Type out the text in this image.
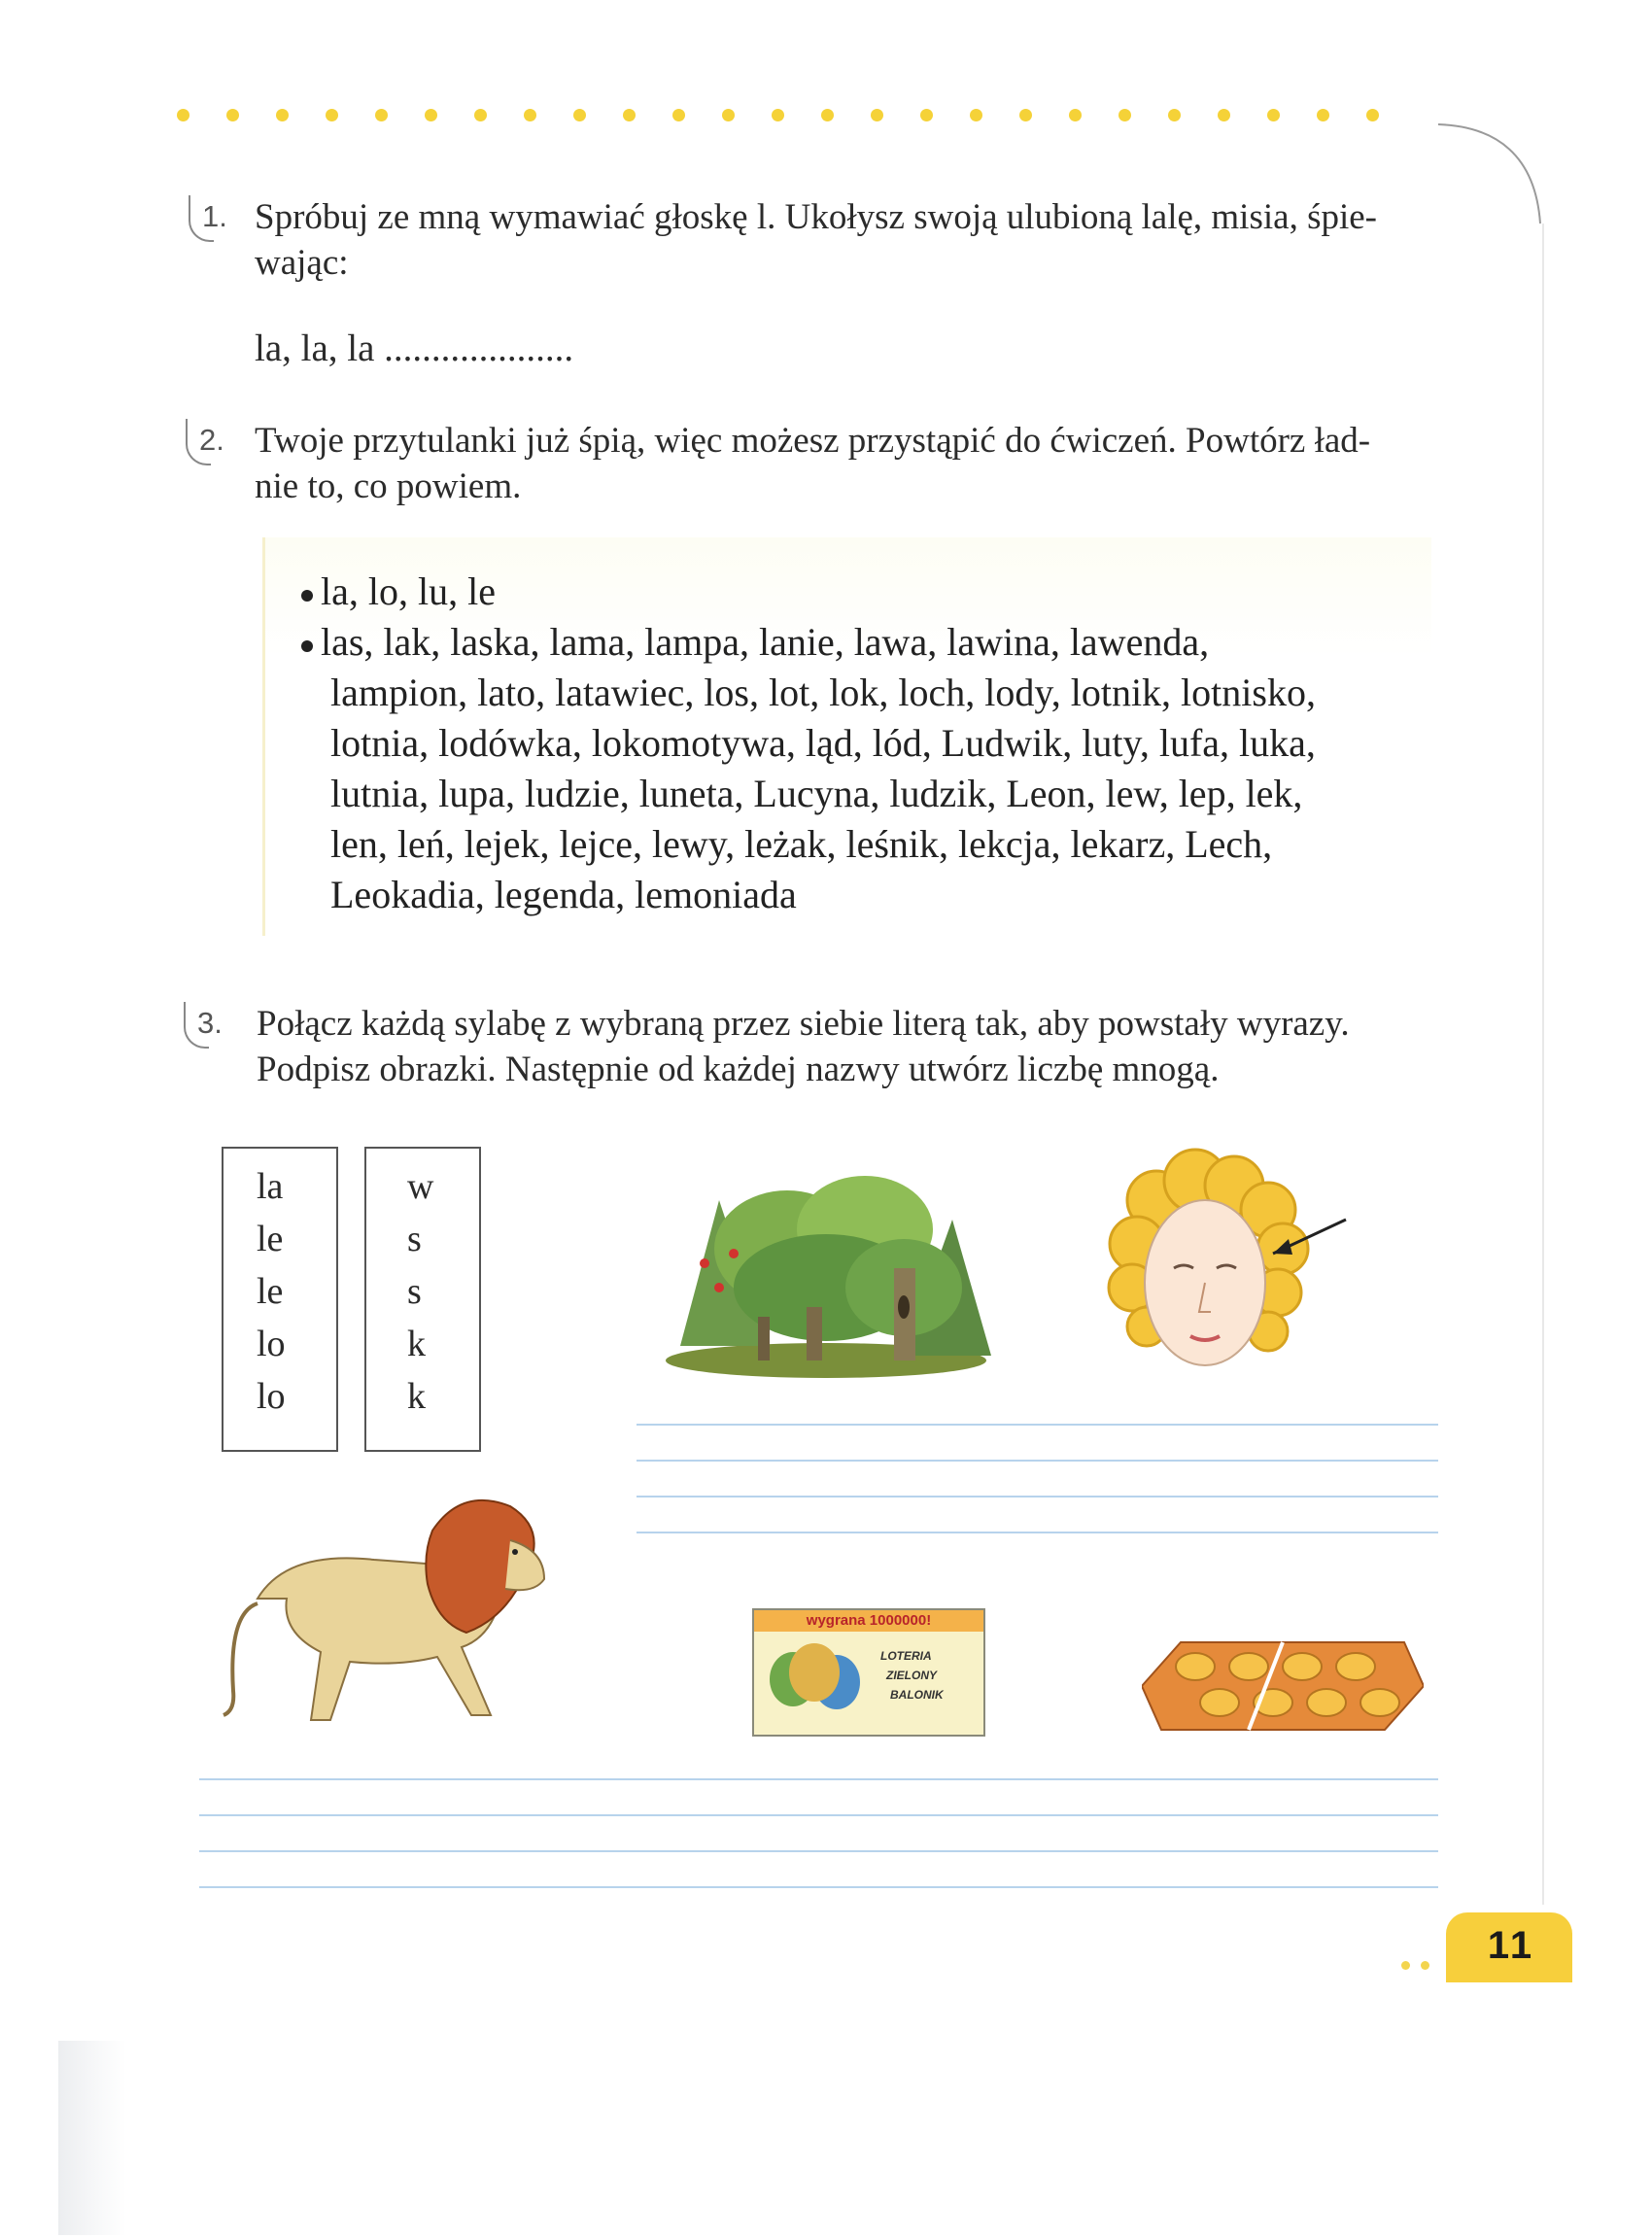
1. Spróbuj ze mną wymawiać głoskę l. Ukołysz swoją ulubioną lalę, misia, śpie-
wając:
la, la, la ....................
2. Twoje przytulanki już śpią, więc możesz przystąpić do ćwiczeń. Powtórz ład-
nie to, co powiem.
la, lo, lu, le
las, lak, laska, lama, lampa, lanie, lawa, lawina, lawenda,
lampion, lato, latawiec, los, lot, lok, loch, lody, lotnik, lotnisko,
lotnia, lodówka, lokomotywa, ląd, lód, Ludwik, luty, lufa, luka,
lutnia, lupa, ludzie, luneta, Lucyna, ludzik, Leon, lew, lep, lek,
len, leń, lejek, lejce, lewy, leżak, leśnik, lekcja, lekarz, Lech,
Leokadia, legenda, lemoniada
3. Połącz każdą sylabę z wybraną przez siebie literą tak, aby powstały wyrazy.
Podpisz obrazki. Następnie od każdej nazwy utwórz liczbę mnogą.
la
le
le
lo
lo
w
s
s
k
k
wygrana 1000000!
LOTERIA
ZIELONY
BALONIK
11
